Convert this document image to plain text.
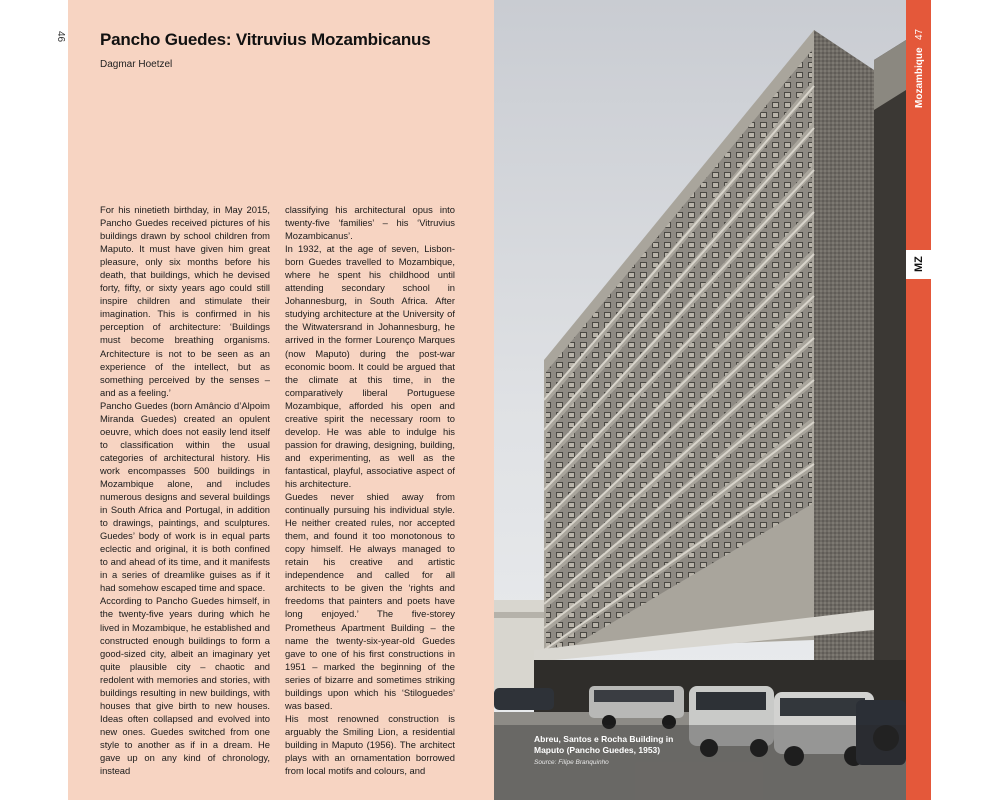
46 Pancho Guedes: Vitruvius Mozambicanus
Dagmar Hoetzel

For his ninetieth birthday, in May 2015, Pancho Guedes received pictures of his buildings drawn by school children from Maputo. It must have given him great pleasure, only six months before his death, that buildings, which he devised forty, fifty, or sixty years ago could still inspire children and stimulate their imagination. This is confirmed in his perception of architecture: ‘Buildings must become breathing organisms. Architecture is not to be seen as an experience of the intellect, but as something perceived by the senses – and as a feeling.’

Pancho Guedes (born Amâncio d’Alpoim Miranda Guedes) created an opulent oeuvre, which does not easily lend itself to classification within the usual categories of architectural history. His work encompasses 500 buildings in Mozambique alone, and includes numerous designs and several buildings in South Africa and Portugal, in addition to drawings, paintings, and sculptures. Guedes’ body of work is in equal parts eclectic and original, it is both confined to and ahead of its time, and it manifests in a series of dreamlike guises as if it had somehow escaped time and space.

According to Pancho Guedes himself, in the twenty-five years during which he lived in Mozambique, he established and constructed enough buildings to form a good-sized city, albeit an imaginary yet quite plausible city – chaotic and redolent with memories and stories, with buildings resulting in new buildings, with houses that give birth to new houses. Ideas often collapsed and evolved into new ones. Guedes switched from one style to another as if in a dream. He gave up on any kind of chronology, instead

classifying his architectural opus into twenty-five ‘families’ – his ‘Vitruvius Mozambicanus’.

In 1932, at the age of seven, Lisbon-born Guedes travelled to Mozambique, where he spent his childhood until attending secondary school in Johannesburg, in South Africa. After studying architecture at the University of the Witwatersrand in Johannesburg, he arrived in the former Lourenço Marques (now Maputo) during the post-war economic boom. It could be argued that the climate at this time, in the comparatively liberal Portuguese Mozambique, afforded his open and creative spirit the necessary room to develop. He was able to indulge his passion for drawing, designing, building, and experimenting, as well as the fantastical, playful, associative aspect of his architecture.

Guedes never shied away from continually pursuing his individual style. He neither created rules, nor accepted them, and found it too monotonous to copy himself. He always managed to retain his creative and artistic independence and called for all architects to be given the ‘rights and freedoms that painters and poets have long enjoyed.’ The five-storey Prometheus Apartment Building – the name the twenty-six-year-old Guedes gave to one of his first constructions in 1951 – marked the beginning of the series of bizarre and sometimes striking buildings upon which his ‘Stiloguedes’ was based.

His most renowned construction is arguably the Smiling Lion, a residential building in Maputo (1956). The architect plays with an ornamentation borrowed from local motifs and colours, and

Abreu, Santos e Rocha Building in Maputo (Pancho Guedes, 1953)
Source: Filipe Branquinho
47
Mozambique
MZ
